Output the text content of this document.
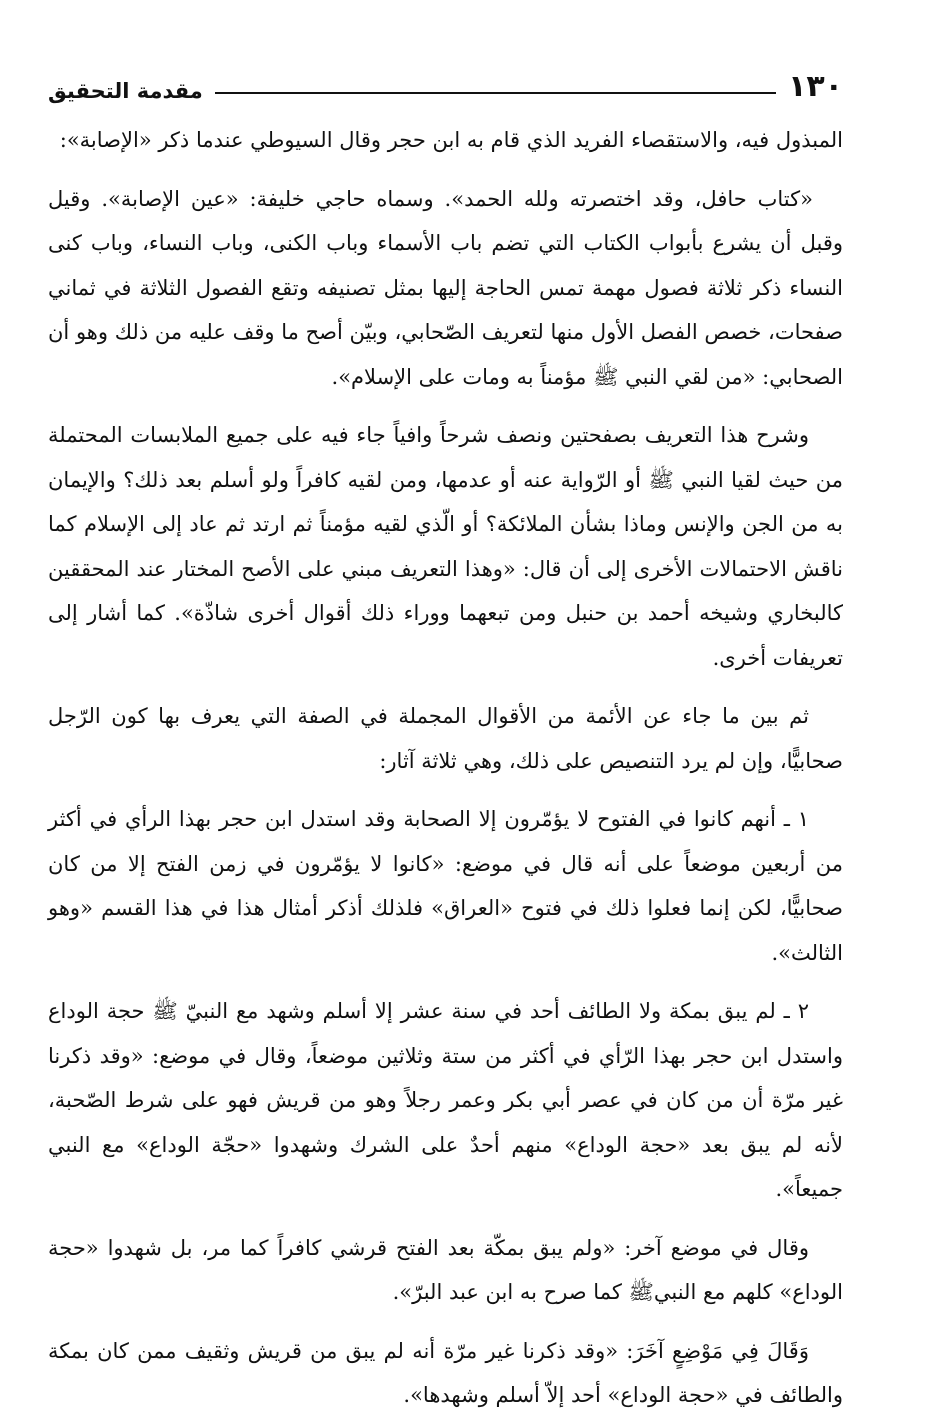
١٣٠
مقدمة التحقيق

المبذول فيه، والاستقصاء الفريد الذي قام به ابن حجر وقال السيوطي عندما ذكر «الإصابة»:

«كتاب حافل، وقد اختصرته ولله الحمد». وسماه حاجي خليفة: «عين الإصابة». وقيل وقبل أن يشرع بأبواب الكتاب التي تضم باب الأسماء وباب الكنى، وباب النساء، وباب كنى النساء ذكر ثلاثة فصول مهمة تمس الحاجة إليها بمثل تصنيفه وتقع الفصول الثلاثة في ثماني صفحات، خصص الفصل الأول منها لتعريف الصّحابي، وبيّن أصح ما وقف عليه من ذلك وهو أن الصحابي: «من لقي النبي ﷺ مؤمناً به ومات على الإسلام».

وشرح هذا التعريف بصفحتين ونصف شرحاً وافياً جاء فيه على جميع الملابسات المحتملة من حيث لقيا النبي ﷺ أو الرّواية عنه أو عدمها، ومن لقيه كافراً ولو أسلم بعد ذلك؟ والإيمان به من الجن والإنس وماذا بشأن الملائكة؟ أو الّذي لقيه مؤمناً ثم ارتد ثم عاد إلى الإسلام كما ناقش الاحتمالات الأخرى إلى أن قال: «وهذا التعريف مبني على الأصح المختار عند المحققين كالبخاري وشيخه أحمد بن حنبل ومن تبعهما ووراء ذلك أقوال أخرى شاذّة». كما أشار إلى تعريفات أخرى.

ثم بين ما جاء عن الأئمة من الأقوال المجملة في الصفة التي يعرف بها كون الرّجل صحابيًّا، وإن لم يرد التنصيص على ذلك، وهي ثلاثة آثار:

١ ـ أنهم كانوا في الفتوح لا يؤمّرون إلا الصحابة وقد استدل ابن حجر بهذا الرأي في أكثر من أربعين موضعاً على أنه قال في موضع: «كانوا لا يؤمّرون في زمن الفتح إلا من كان صحابيًّا، لكن إنما فعلوا ذلك في فتوح «العراق» فلذلك أذكر أمثال هذا في هذا القسم «وهو الثالث».

٢ ـ لم يبق بمكة ولا الطائف أحد في سنة عشر إلا أسلم وشهد مع النبيّ ﷺ حجة الوداع واستدل ابن حجر بهذا الرّأي في أكثر من ستة وثلاثين موضعاً، وقال في موضع: «وقد ذكرنا غير مرّة أن من كان في عصر أبي بكر وعمر رجلاً وهو من قريش فهو على شرط الصّحبة، لأنه لم يبق بعد «حجة الوداع» منهم أحدٌ على الشرك وشهدوا «حجّة الوداع» مع النبي جميعاً».

وقال في موضع آخر: «ولم يبق بمكّة بعد الفتح قرشي كافراً كما مر، بل شهدوا «حجة الوداع» كلهم مع النبيﷺ كما صرح به ابن عبد البرّ».

وَقَالَ فِي مَوْضِعٍ آخَرَ: «وقد ذكرنا غير مرّة أنه لم يبق من قريش وثقيف ممن كان بمكة والطائف في «حجة الوداع» أحد إلاّ أسلم وشهدها».
